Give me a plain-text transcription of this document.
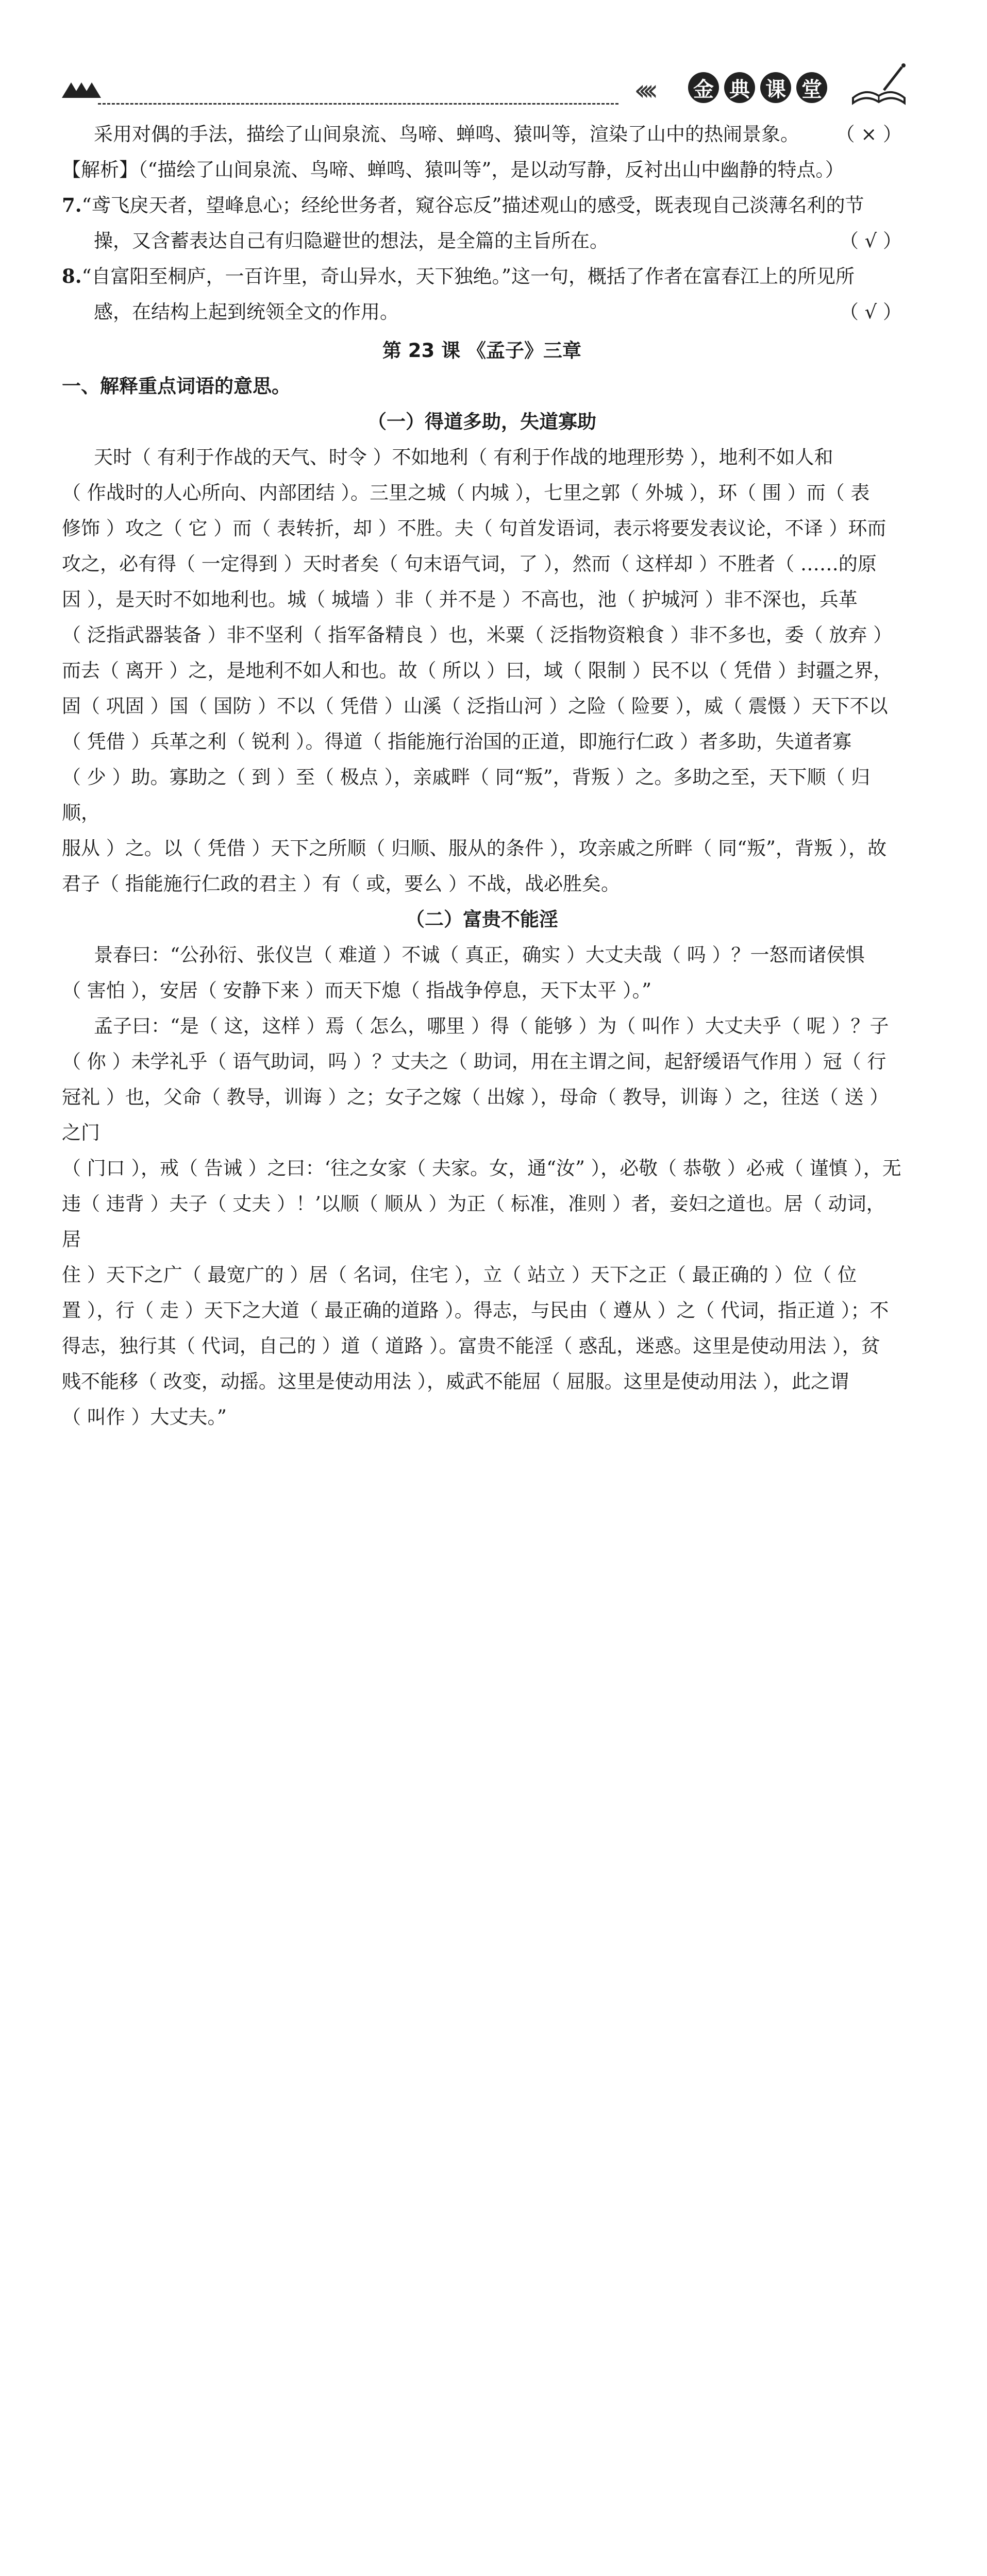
‹‹‹‹ 金 典 课 堂
采用对偶的手法，描绘了山间泉流、鸟啼、蝉鸣、猿叫等，渲染了山中的热闹景象。 （ × ）

【解析】（“描绘了山间泉流、鸟啼、蝉鸣、猿叫等”，是以动写静，反衬出山中幽静的特点。）

7.“鸢飞戾天者，望峰息心；经纶世务者，窥谷忘反”描述观山的感受，既表现自己淡薄名利的节
操，又含蓄表达自己有归隐避世的想法，是全篇的主旨所在。	（ √ ）
8.“自富阳至桐庐，一百许里，奇山异水，天下独绝。”这一句，概括了作者在富春江上的所见所
感，在结构上起到统领全文的作用。	（ √ ）

第 23 课 《孟子》三章

一、解释重点词语的意思。

（一）得道多助，失道寡助

天时（ 有利于作战的天气、时令 ）不如地利（ 有利于作战的地理形势 ），地利不如人和

（ 作战时的人心所向、内部团结 ）。三里之城（ 内城 ），七里之郭（ 外城 ），环（ 围 ）而（ 表

修饰 ）攻之（ 它 ）而（ 表转折，却 ）不胜。夫（ 句首发语词，表示将要发表议论，不译 ）环而

攻之，必有得（ 一定得到 ）天时者矣（ 句末语气词，了 ），然而（ 这样却 ）不胜者（ ……的原

因 ），是天时不如地利也。城（ 城墙 ）非（ 并不是 ）不高也，池（ 护城河 ）非不深也，兵革

（ 泛指武器装备 ）非不坚利（ 指军备精良 ）也，米粟（ 泛指物资粮食 ）非不多也，委（ 放弃 ）

而去（ 离开 ）之，是地利不如人和也。故（ 所以 ）曰，域（ 限制 ）民不以（ 凭借 ）封疆之界，

固（ 巩固 ）国（ 国防 ）不以（ 凭借 ）山溪（ 泛指山河 ）之险（ 险要 ），威（ 震慑 ）天下不以

（ 凭借 ）兵革之利（ 锐利 ）。得道（ 指能施行治国的正道，即施行仁政 ）者多助，失道者寡

（ 少 ）助。寡助之（ 到 ）至（ 极点 ），亲戚畔（ 同“叛”，背叛 ）之。多助之至，天下顺（ 归顺，

服从 ）之。以（ 凭借 ）天下之所顺（ 归顺、服从的条件 ），攻亲戚之所畔（ 同“叛”，背叛 ），故

君子（ 指能施行仁政的君主 ）有（ 或，要么 ）不战，战必胜矣。

（二）富贵不能淫

景春曰：“公孙衍、张仪岂（ 难道 ）不诚（ 真正，确实 ）大丈夫哉（ 吗 ）？一怒而诸侯惧

（ 害怕 ），安居（ 安静下来 ）而天下熄（ 指战争停息，天下太平 ）。”

孟子曰：“是（ 这，这样 ）焉（ 怎么，哪里 ）得（ 能够 ）为（ 叫作 ）大丈夫乎（ 呢 ）？子

（ 你 ）未学礼乎（ 语气助词，吗 ）？丈夫之（ 助词，用在主谓之间，起舒缓语气作用 ）冠（ 行

冠礼 ）也，父命（ 教导，训诲 ）之；女子之嫁（ 出嫁 ），母命（ 教导，训诲 ）之，往送（ 送 ）之门

（ 门口 ），戒（ 告诫 ）之曰：‘往之女家（ 夫家。女，通“汝” ），必敬（ 恭敬 ）必戒（ 谨慎 ），无

违（ 违背 ）夫子（ 丈夫 ）！’以顺（ 顺从 ）为正（ 标准，准则 ）者，妾妇之道也。居（ 动词，居

住 ）天下之广（ 最宽广的 ）居（ 名词，住宅 ），立（ 站立 ）天下之正（ 最正确的 ）位（ 位

置 ），行（ 走 ）天下之大道（ 最正确的道路 ）。得志，与民由（ 遵从 ）之（ 代词，指正道 ）；不

得志，独行其（ 代词，自己的 ）道（ 道路 ）。富贵不能淫（ 惑乱，迷惑。这里是使动用法 ），贫

贱不能移（ 改变，动摇。这里是使动用法 ），威武不能屈（ 屈服。这里是使动用法 ），此之谓

（ 叫作 ）大丈夫。”
